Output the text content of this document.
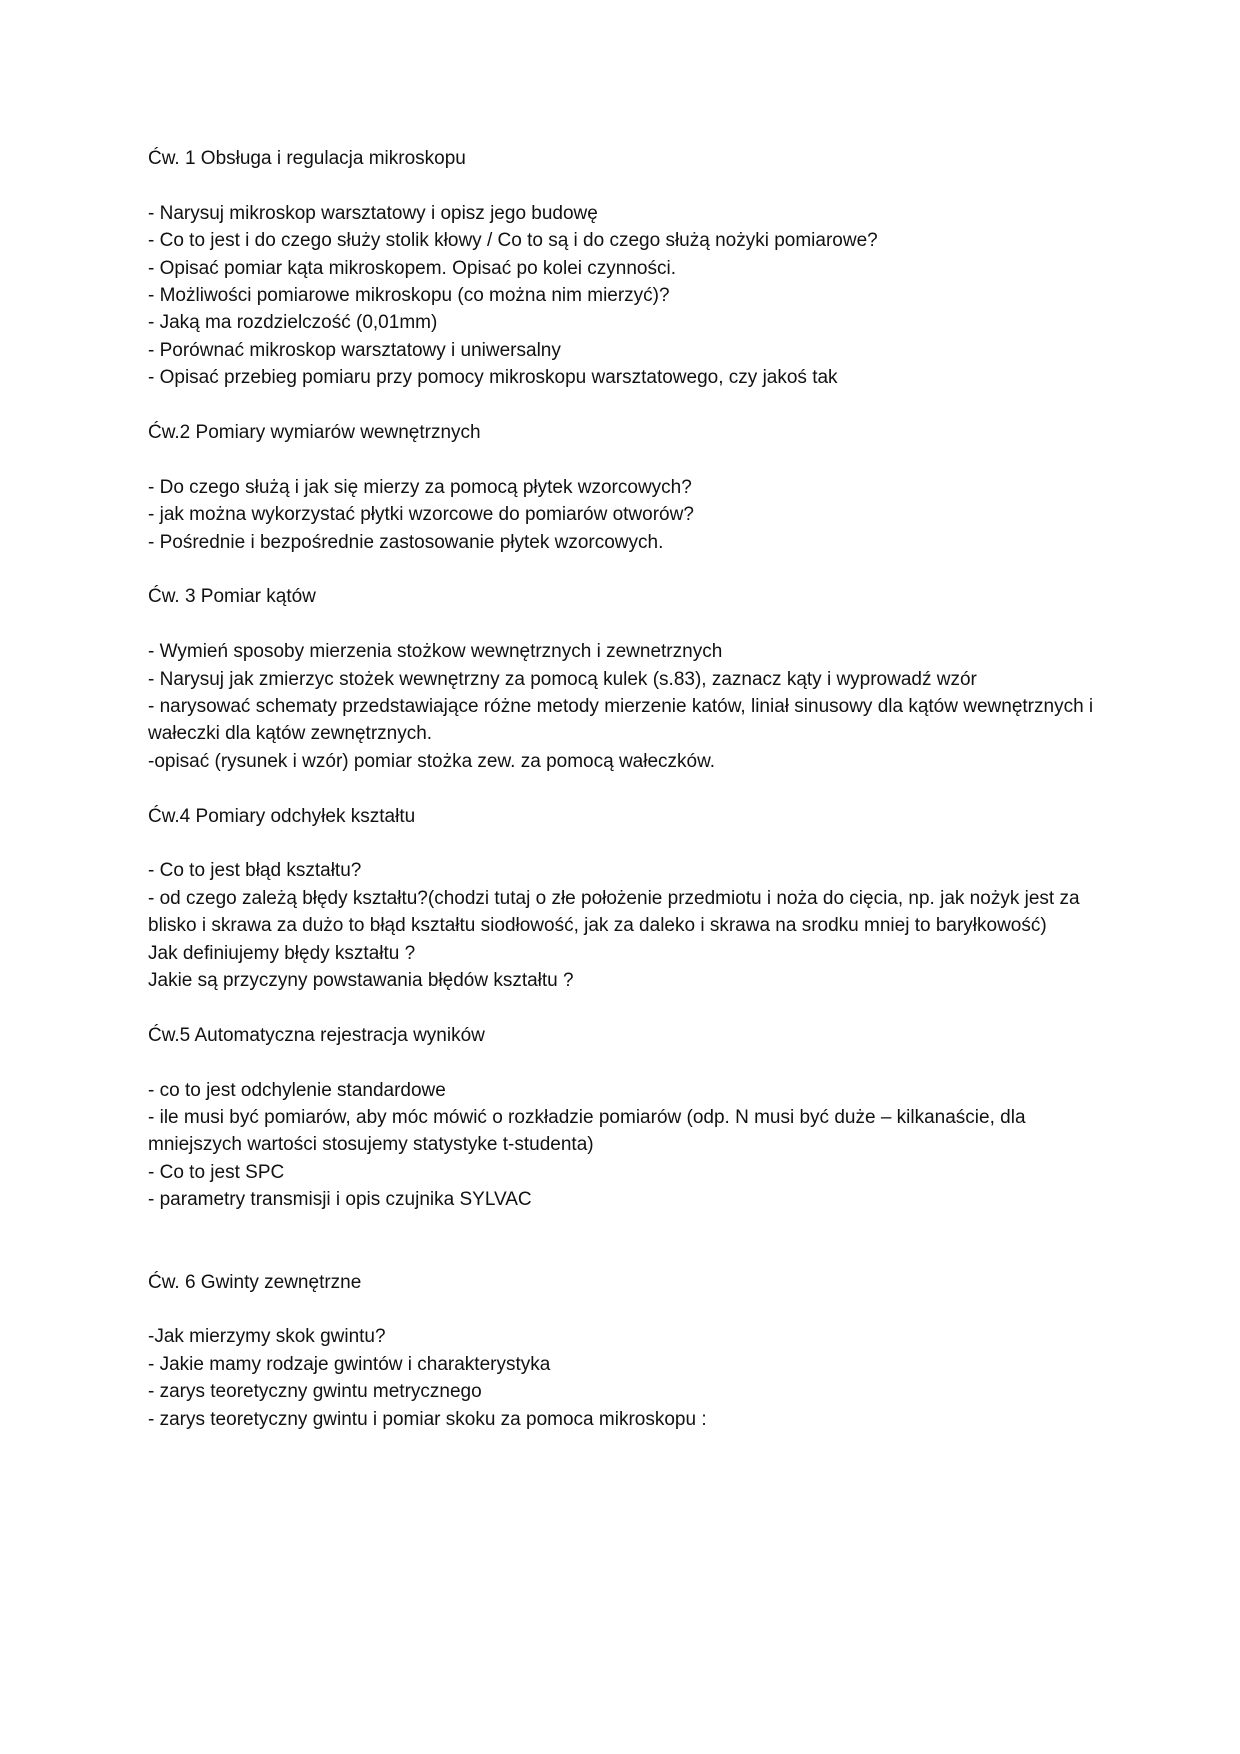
Ćw. 1 Obsługa i regulacja mikroskopu

- Narysuj mikroskop warsztatowy i opisz jego budowę
- Co to jest i do czego służy stolik kłowy / Co to są i do czego służą nożyki pomiarowe?
- Opisać pomiar kąta mikroskopem. Opisać po kolei czynności.
- Możliwości pomiarowe mikroskopu (co można nim mierzyć)?
- Jaką ma rozdzielczość (0,01mm)
- Porównać mikroskop warsztatowy i uniwersalny
- Opisać przebieg pomiaru przy pomocy mikroskopu warsztatowego, czy jakoś tak

Ćw.2 Pomiary wymiarów wewnętrznych

- Do czego służą i jak się mierzy za pomocą płytek wzorcowych?
- jak można wykorzystać płytki wzorcowe do pomiarów otworów?
- Pośrednie i bezpośrednie zastosowanie płytek wzorcowych.

Ćw. 3 Pomiar kątów

- Wymień sposoby mierzenia stożkow wewnętrznych i zewnetrznych
- Narysuj jak zmierzyc stożek wewnętrzny za pomocą kulek (s.83), zaznacz kąty i wyprowadź wzór
- narysować schematy przedstawiające różne metody mierzenie katów, liniał sinusowy dla kątów wewnętrznych i wałeczki dla kątów zewnętrznych.
-opisać (rysunek i wzór) pomiar stożka zew. za pomocą wałeczków.

Ćw.4 Pomiary odchyłek kształtu

- Co to jest błąd kształtu?
- od czego zależą błędy kształtu?(chodzi tutaj o złe położenie przedmiotu i noża do cięcia, np. jak nożyk jest za blisko i skrawa za dużo to błąd kształtu siodłowość, jak za daleko i skrawa na srodku mniej to baryłkowość)
Jak definiujemy błędy kształtu ?
Jakie są przyczyny powstawania błędów kształtu ?

Ćw.5 Automatyczna rejestracja wyników

- co to jest odchylenie standardowe
- ile musi być pomiarów, aby móc mówić o rozkładzie pomiarów (odp. N musi być duże – kilkanaście, dla mniejszych wartości stosujemy statystyke t-studenta)
- Co to jest SPC
- parametry transmisji i opis czujnika SYLVAC

Ćw. 6 Gwinty zewnętrzne

-Jak mierzymy skok gwintu?
- Jakie mamy rodzaje gwintów i charakterystyka
- zarys teoretyczny gwintu metrycznego
- zarys teoretyczny gwintu i pomiar skoku za pomoca mikroskopu :
